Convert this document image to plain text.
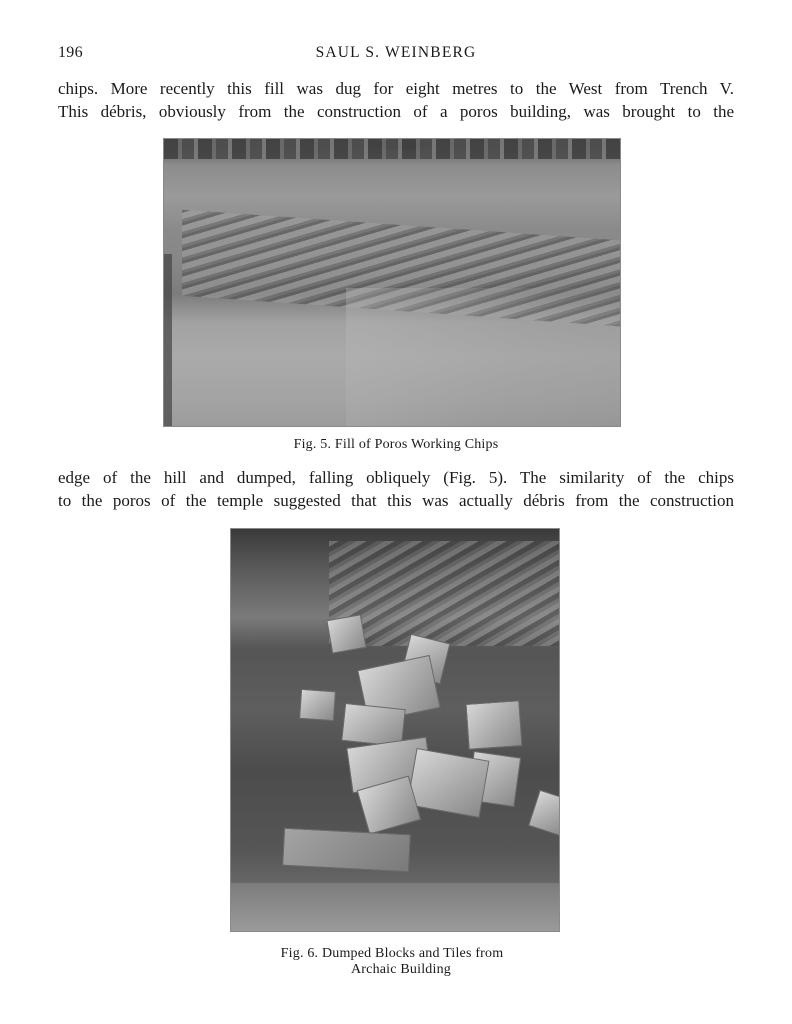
196	SAUL S. WEINBERG

chips. More recently this fill was dug for eight metres to the West from Trench V.
This débris, obviously from the construction of a poros building, was brought to the

Fig. 5. Fill of Poros Working Chips

edge of the hill and dumped, falling obliquely (Fig. 5). The similarity of the chips
to the poros of the temple suggested that this was actually débris from the construction

Fig. 6. Dumped Blocks and Tiles from
Archaic Building
